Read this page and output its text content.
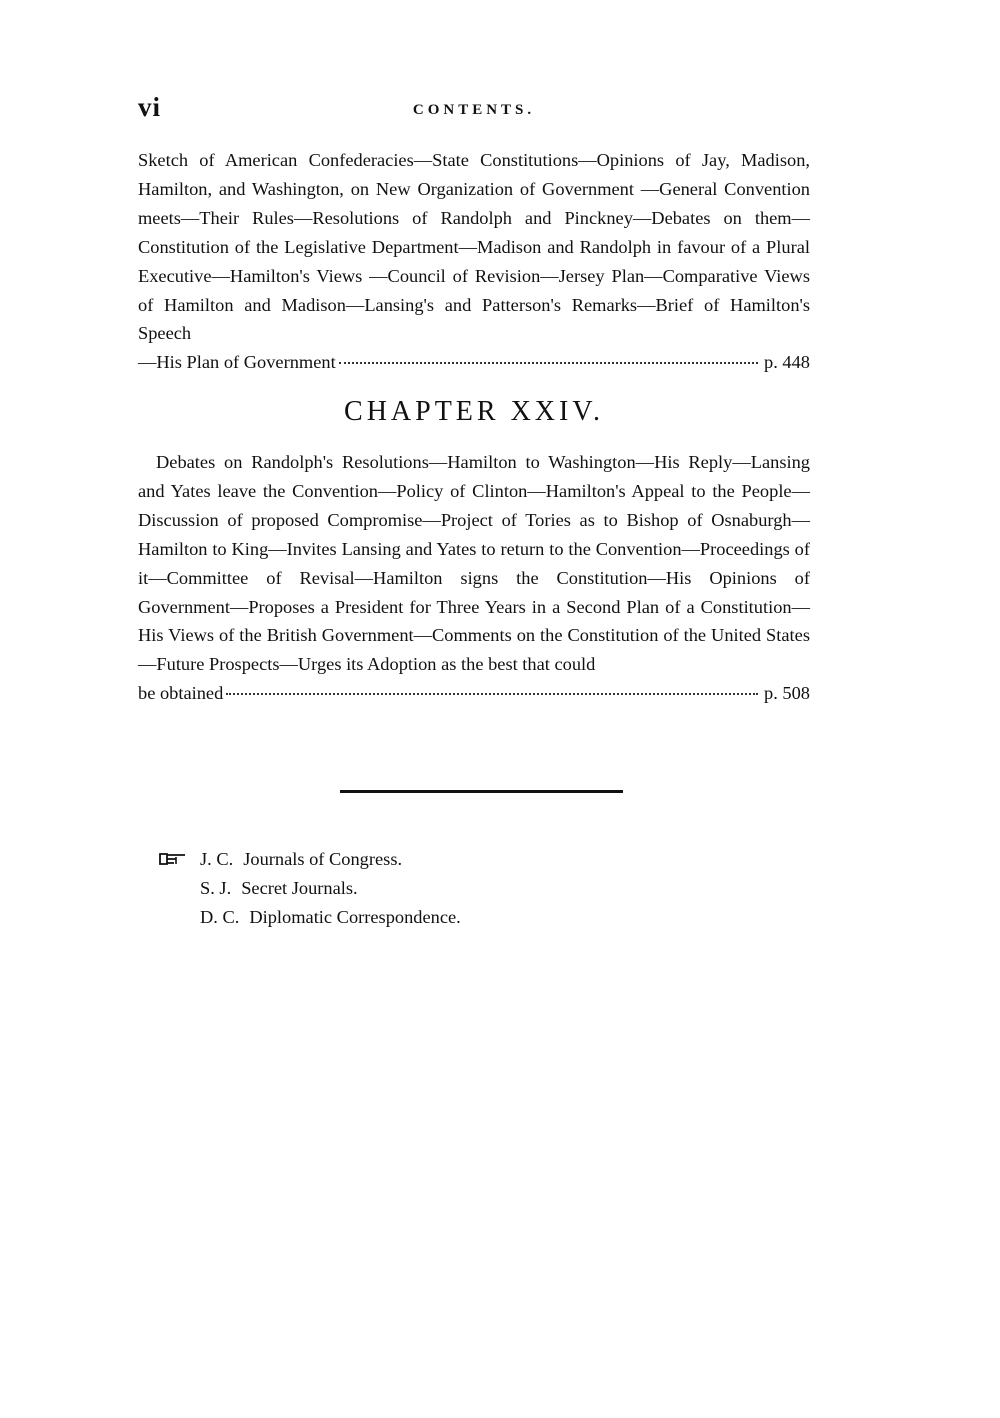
vi	CONTENTS.
Sketch of American Confederacies—State Constitutions—Opinions of Jay, Madison, Hamilton, and Washington, on New Organization of Government —General Convention meets—Their Rules—Resolutions of Randolph and Pinckney—Debates on them—Constitution of the Legislative Department—Madison and Randolph in favour of a Plural Executive—Hamilton's Views —Council of Revision—Jersey Plan—Comparative Views of Hamilton and Madison—Lansing's and Patterson's Remarks—Brief of Hamilton's Speech
—His Plan of Government	p. 448
CHAPTER XXIV.
Debates on Randolph's Resolutions—Hamilton to Washington—His Reply—Lansing and Yates leave the Convention—Policy of Clinton—Hamilton's Appeal to the People—Discussion of proposed Compromise—Project of Tories as to Bishop of Osnaburgh—Hamilton to King—Invites Lansing and Yates to return to the Convention—Proceedings of it—Committee of Revisal—Hamilton signs the Constitution—His Opinions of Government—Proposes a President for Three Years in a Second Plan of a Constitution—His Views of the British Government—Comments on the Constitution of the United States—Future Prospects—Urges its Adoption as the best that could
be obtained	p. 508
J. C. Journals of Congress.
S. J. Secret Journals.
D. C. Diplomatic Correspondence.
